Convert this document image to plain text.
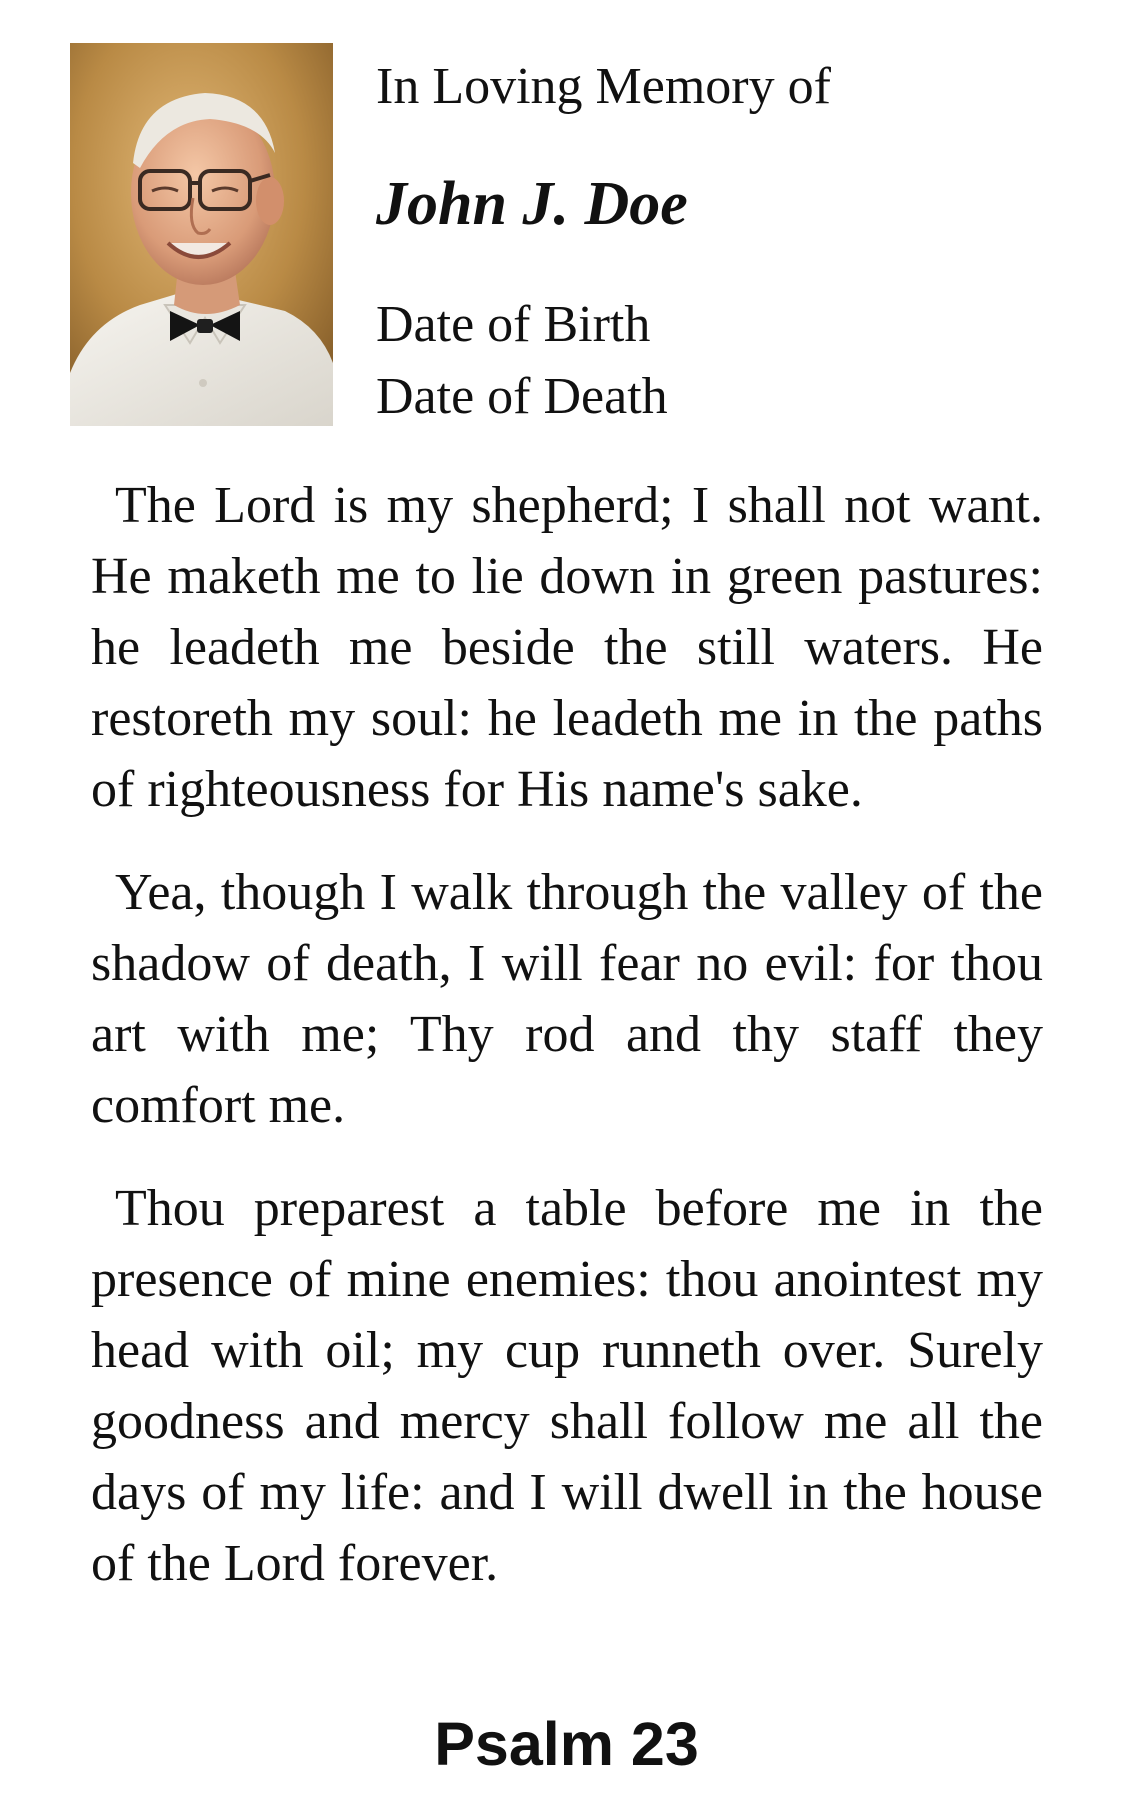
In Loving Memory of
John J. Doe
Date of Birth
Date of Death

The Lord is my shepherd; I shall not want. He maketh me to lie down in green pastures: he leadeth me beside the still waters. He restoreth my soul: he leadeth me in the paths of righteousness for His name's sake.

Yea, though I walk through the valley of the shadow of death, I will fear no evil: for thou art with me; Thy rod and thy staff they comfort me.

Thou preparest a table before me in the presence of mine enemies: thou anointest my head with oil; my cup runneth over. Surely goodness and mercy shall follow me all the days of my life: and I will dwell in the house of the Lord forever.

Psalm 23
